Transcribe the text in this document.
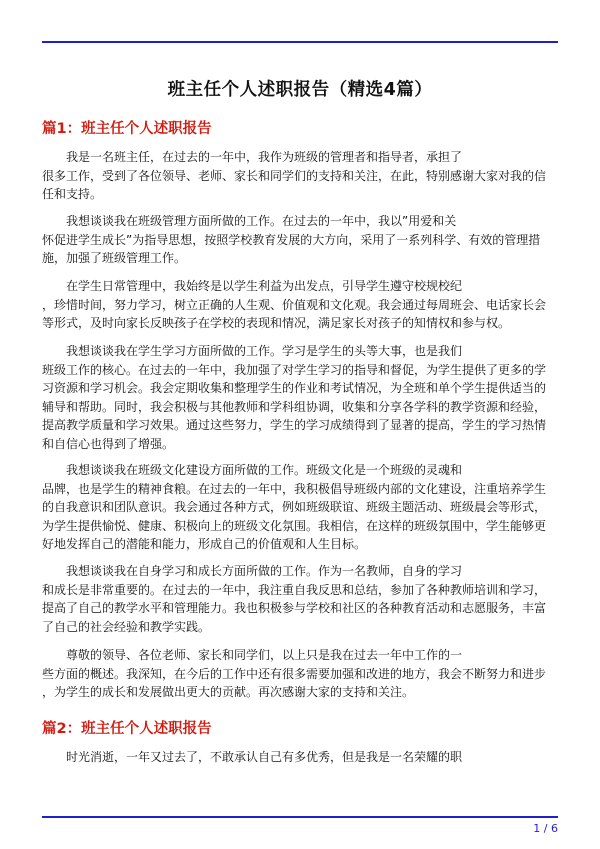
班主任个人述职报告（精选4篇）
篇1：班主任个人述职报告
我是一名班主任，在过去的一年中，我作为班级的管理者和指导者，承担了
很多工作，受到了各位领导、老师、家长和同学们的支持和关注，在此，特别感谢大家对我的信
任和支持。
我想谈谈我在班级管理方面所做的工作。在过去的一年中，我以”用爱和关
怀促进学生成长”为指导思想，按照学校教育发展的大方向，采用了一系列科学、有效的管理措
施，加强了班级管理工作。
在学生日常管理中，我始终是以学生利益为出发点，引导学生遵守校规校纪
，珍惜时间，努力学习，树立正确的人生观、价值观和文化观。我会通过每周班会、电话家长会
等形式，及时向家长反映孩子在学校的表现和情况，满足家长对孩子的知情权和参与权。
我想谈谈我在学生学习方面所做的工作。学习是学生的头等大事，也是我们
班级工作的核心。在过去的一年中，我加强了对学生学习的指导和督促，为学生提供了更多的学
习资源和学习机会。我会定期收集和整理学生的作业和考试情况，为全班和单个学生提供适当的
辅导和帮助。同时，我会积极与其他教师和学科组协调，收集和分享各学科的教学资源和经验，
提高教学质量和学习效果。通过这些努力，学生的学习成绩得到了显著的提高，学生的学习热情
和自信心也得到了增强。
我想谈谈我在班级文化建设方面所做的工作。班级文化是一个班级的灵魂和
品牌，也是学生的精神食粮。在过去的一年中，我积极倡导班级内部的文化建设，注重培养学生
的自我意识和团队意识。我会通过各种方式，例如班级联谊、班级主题活动、班级晨会等形式，
为学生提供愉悦、健康、积极向上的班级文化氛围。我相信，在这样的班级氛围中，学生能够更
好地发挥自己的潜能和能力，形成自己的价值观和人生目标。
我想谈谈我在自身学习和成长方面所做的工作。作为一名教师，自身的学习
和成长是非常重要的。在过去的一年中，我注重自我反思和总结，参加了各种教师培训和学习，
提高了自己的教学水平和管理能力。我也积极参与学校和社区的各种教育活动和志愿服务，丰富
了自己的社会经验和教学实践。
尊敬的领导、各位老师、家长和同学们，以上只是我在过去一年中工作的一
些方面的概述。我深知，在今后的工作中还有很多需要加强和改进的地方，我会不断努力和进步
，为学生的成长和发展做出更大的贡献。再次感谢大家的支持和关注。
篇2：班主任个人述职报告
时光消逝，一年又过去了，不敢承认自己有多优秀，但是我是一名荣耀的职
1 / 6
